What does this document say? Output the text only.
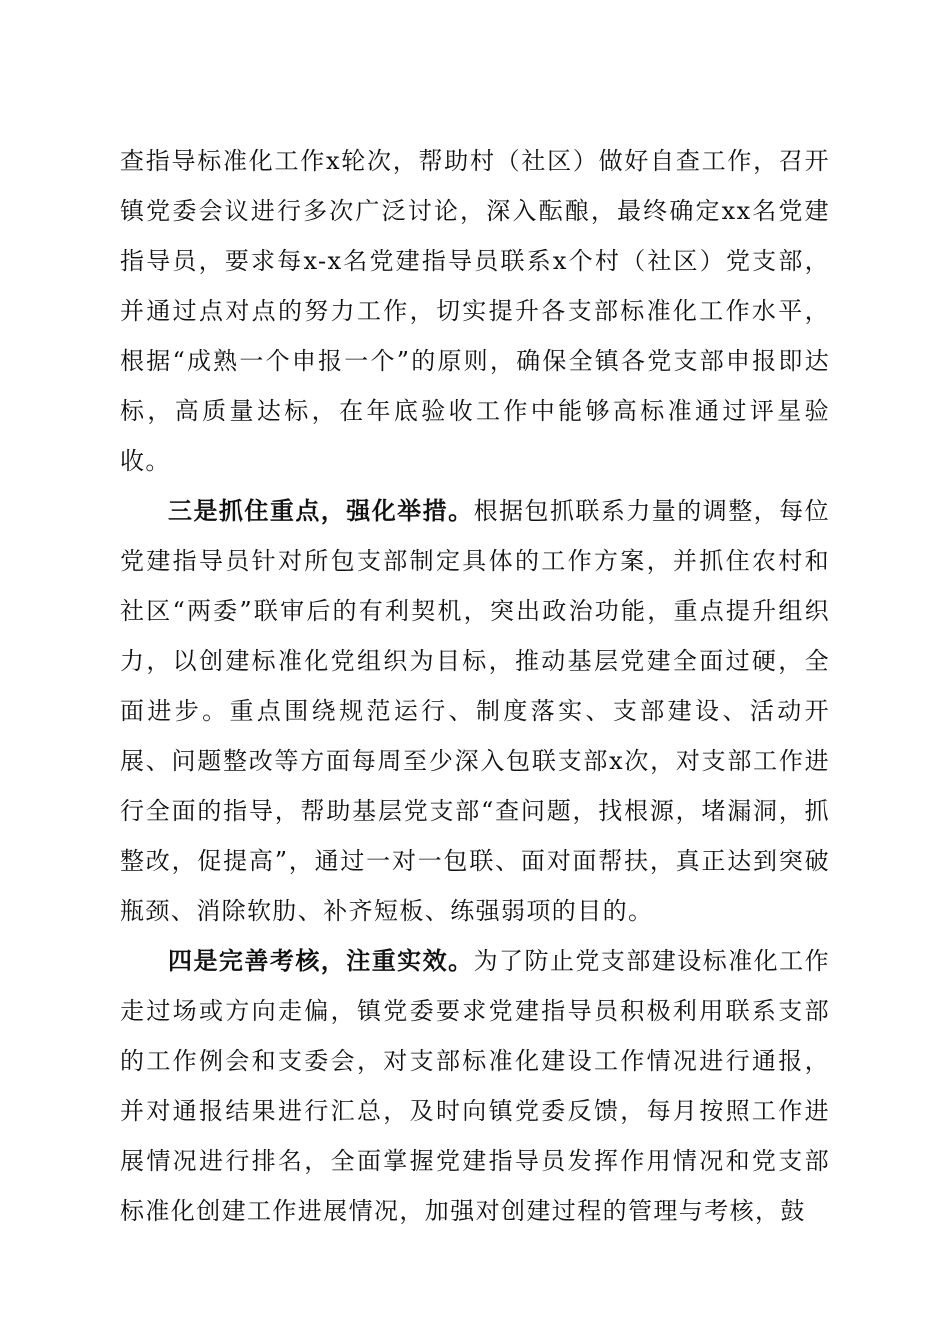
查指导标准化工作x轮次，帮助村（社区）做好自查工作，召开镇党委会议进行多次广泛讨论，深入酝酿，最终确定xx名党建指导员，要求每x-x名党建指导员联系x个村（社区）党支部，并通过点对点的努力工作，切实提升各支部标准化工作水平，根据“成熟一个申报一个”的原则，确保全镇各党支部申报即达标，高质量达标，在年底验收工作中能够高标准通过评星验收。

三是抓住重点，强化举措。根据包抓联系力量的调整，每位党建指导员针对所包支部制定具体的工作方案，并抓住农村和社区“两委”联审后的有利契机，突出政治功能，重点提升组织力，以创建标准化党组织为目标，推动基层党建全面过硬，全面进步。重点围绕规范运行、制度落实、支部建设、活动开展、问题整改等方面每周至少深入包联支部x次，对支部工作进行全面的指导，帮助基层党支部“查问题，找根源，堵漏洞，抓整改，促提高”，通过一对一包联、面对面帮扶，真正达到突破瓶颈、消除软肋、补齐短板、练强弱项的目的。

四是完善考核，注重实效。为了防止党支部建设标准化工作走过场或方向走偏，镇党委要求党建指导员积极利用联系支部的工作例会和支委会，对支部标准化建设工作情况进行通报，并对通报结果进行汇总，及时向镇党委反馈，每月按照工作进展情况进行排名，全面掌握党建指导员发挥作用情况和党支部标准化创建工作进展情况，加强对创建过程的管理与考核，鼓
